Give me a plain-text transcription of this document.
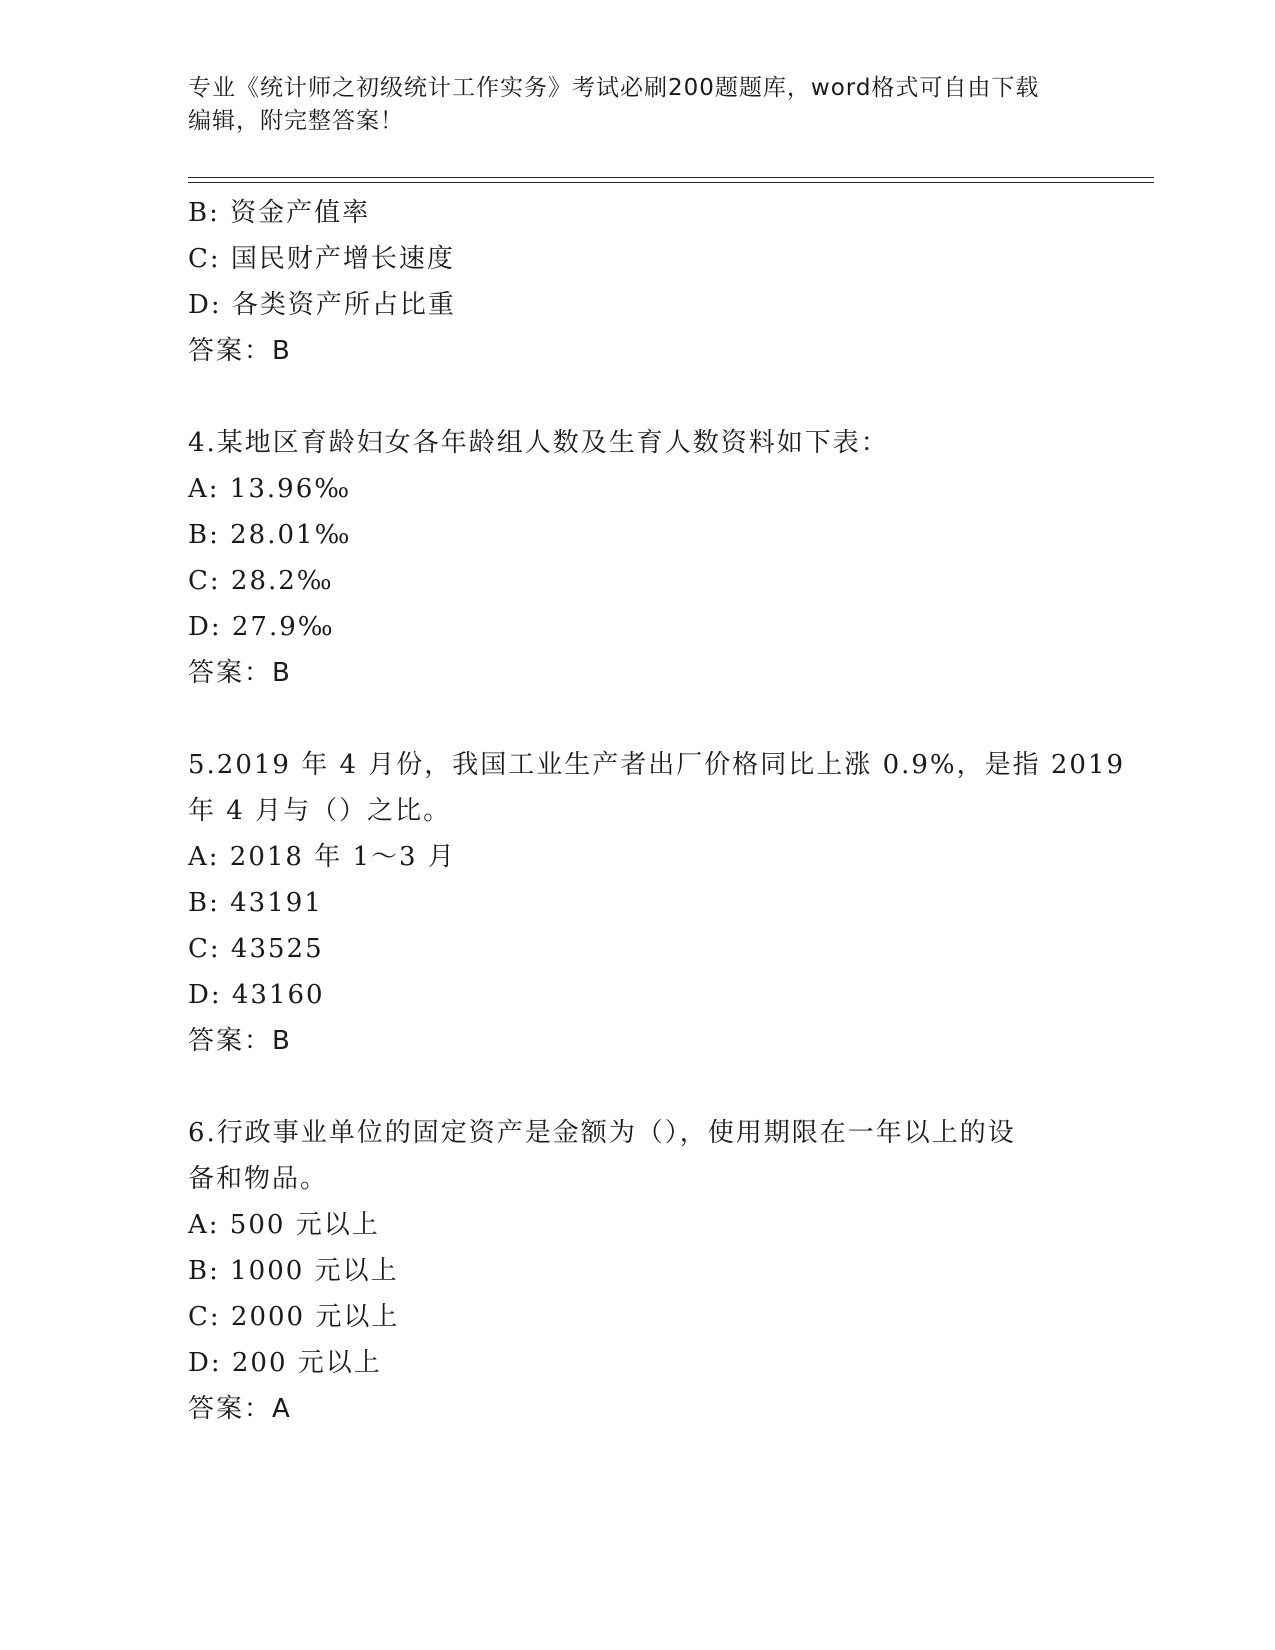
专业《统计师之初级统计工作实务》考试必刷200题题库，word格式可自由下载
编辑，附完整答案！
B: 资金产值率
C: 国民财产增长速度
D: 各类资产所占比重
答案：B
4.某地区育龄妇女各年龄组人数及生育人数资料如下表：
A: 13.96‰
B: 28.01‰
C: 28.2‰
D: 27.9‰
答案：B
5.2019 年 4 月份，我国工业生产者出厂价格同比上涨 0.9%，是指 2019
年 4 月与（）之比。
A: 2018 年 1～3 月
B: 43191
C: 43525
D: 43160
答案：B
6.行政事业单位的固定资产是金额为（），使用期限在一年以上的设
备和物品。
A: 500 元以上
B: 1000 元以上
C: 2000 元以上
D: 200 元以上
答案：A
